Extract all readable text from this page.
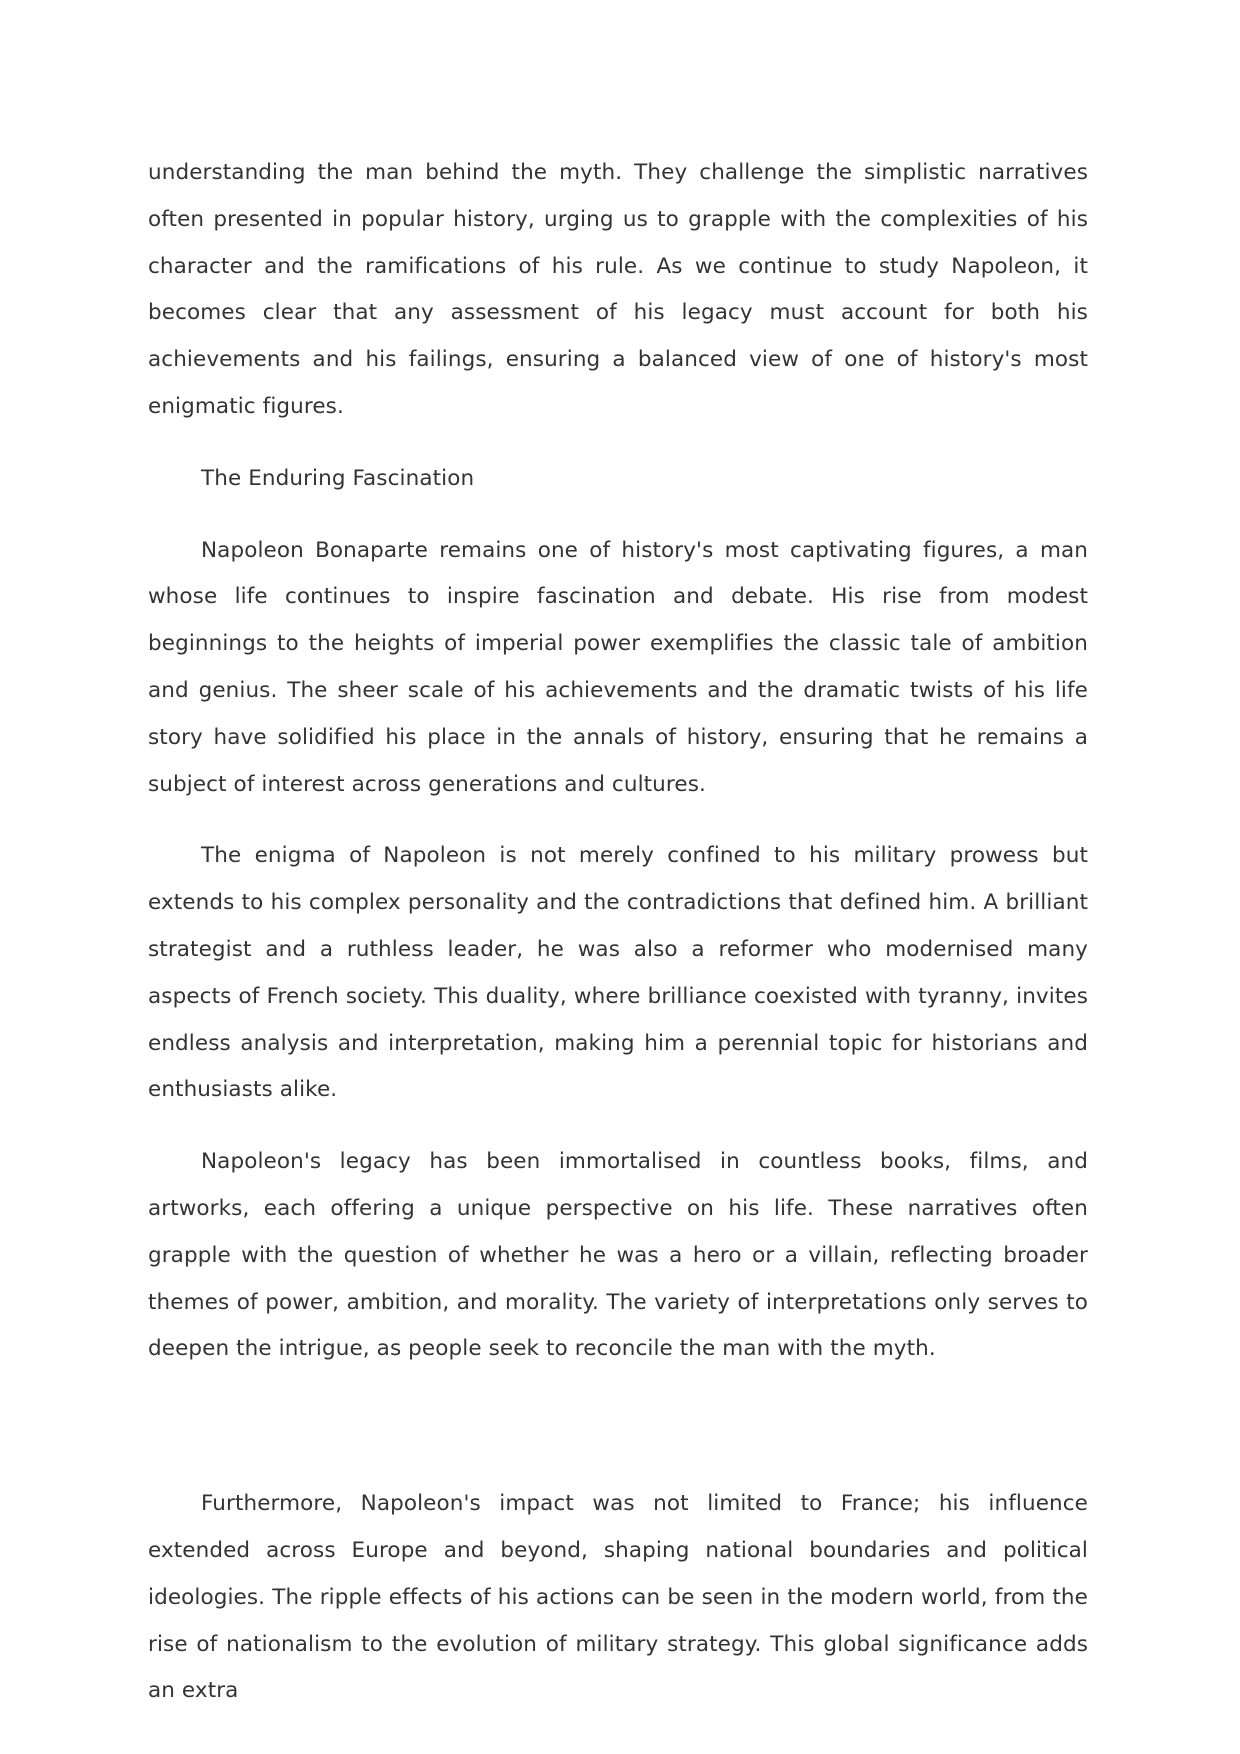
understanding the man behind the myth. They challenge the simplistic narratives often presented in popular history, urging us to grapple with the complexities of his character and the ramifications of his rule. As we continue to study Napoleon, it becomes clear that any assessment of his legacy must account for both his achievements and his failings, ensuring a balanced view of one of history's most enigmatic figures.

The Enduring Fascination

Napoleon Bonaparte remains one of history's most captivating figures, a man whose life continues to inspire fascination and debate. His rise from modest beginnings to the heights of imperial power exemplifies the classic tale of ambition and genius. The sheer scale of his achievements and the dramatic twists of his life story have solidified his place in the annals of history, ensuring that he remains a subject of interest across generations and cultures.

The enigma of Napoleon is not merely confined to his military prowess but extends to his complex personality and the contradictions that defined him. A brilliant strategist and a ruthless leader, he was also a reformer who modernised many aspects of French society. This duality, where brilliance coexisted with tyranny, invites endless analysis and interpretation, making him a perennial topic for historians and enthusiasts alike.

Napoleon's legacy has been immortalised in countless books, films, and artworks, each offering a unique perspective on his life. These narratives often grapple with the question of whether he was a hero or a villain, reflecting broader themes of power, ambition, and morality. The variety of interpretations only serves to deepen the intrigue, as people seek to reconcile the man with the myth.

Furthermore, Napoleon's impact was not limited to France; his influence extended across Europe and beyond, shaping national boundaries and political ideologies. The ripple effects of his actions can be seen in the modern world, from the rise of nationalism to the evolution of military strategy. This global significance adds an extra
